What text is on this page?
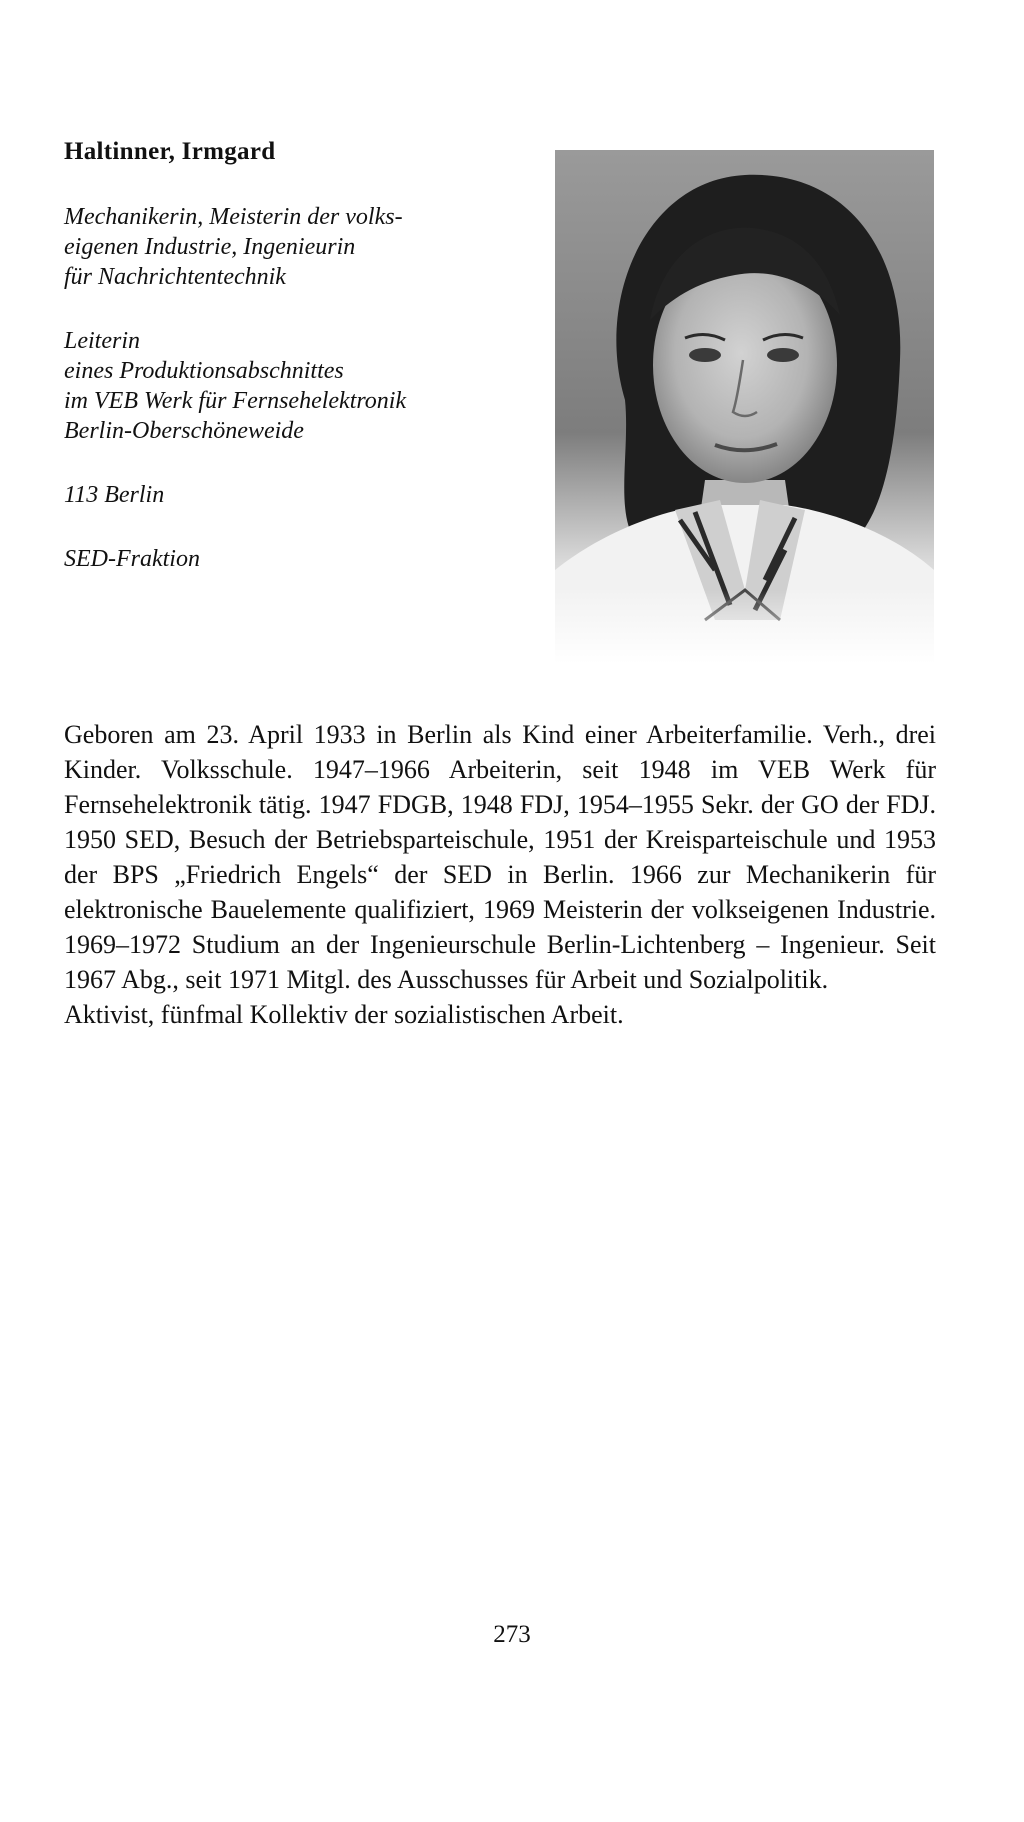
Haltinner, Irmgard

Mechanikerin, Meisterin der volks-

eigenen Industrie, Ingenieurin

für Nachrichtentechnik

Leiterin

eines Produktionsabschnittes

im VEB Werk für Fernsehelektronik

Berlin-Oberschöneweide

113 Berlin

SED-Fraktion

Geboren am 23. April 1933 in Berlin als Kind einer Arbeiterfamilie. Verh., drei Kinder. Volksschule. 1947–1966 Arbeiterin, seit 1948 im VEB Werk für Fernsehelektronik tätig. 1947 FDGB, 1948 FDJ, 1954–1955 Sekr. der GO der FDJ. 1950 SED, Besuch der Betriebsparteischule, 1951 der Kreisparteischule und 1953 der BPS „Friedrich Engels“ der SED in Berlin. 1966 zur Mechanikerin für elektronische Bauelemente qualifiziert, 1969 Meisterin der volkseigenen Industrie. 1969–1972 Studium an der Ingenieurschule Berlin-Lichtenberg – Ingenieur. Seit 1967 Abg., seit 1971 Mitgl. des Ausschusses für Arbeit und Sozialpolitik.

Aktivist, fünfmal Kollektiv der sozialistischen Arbeit.

273
